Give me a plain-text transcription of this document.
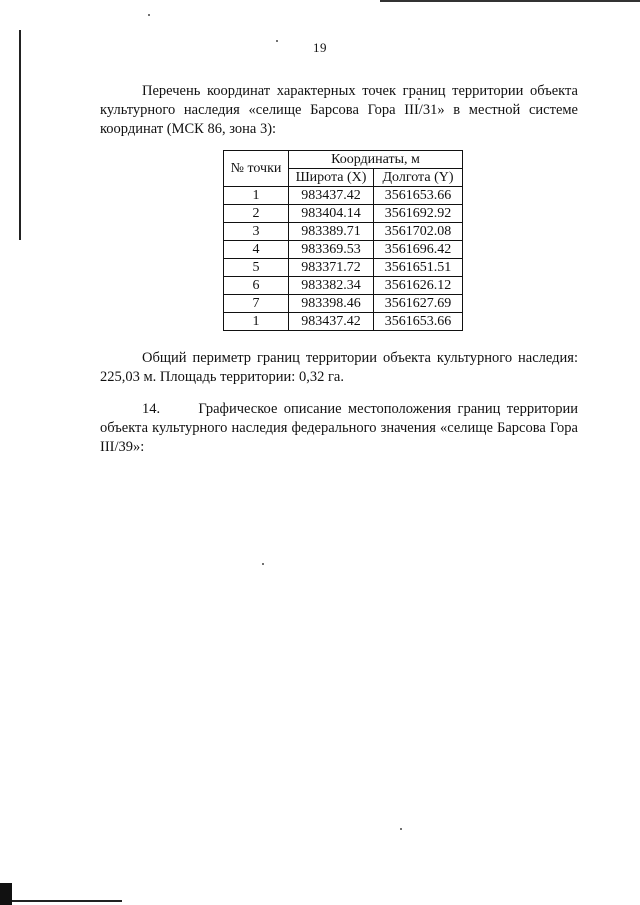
19

Перечень координат характерных точек границ территории объекта культурного наследия «селище Барсова Гора III/31» в местной системе координат (МСК 86, зона 3):

№ точки	Координаты, м	
	Широта (X)	Долгота (Y)
1	983437.42	3561653.66
2	983404.14	3561692.92
3	983389.71	3561702.08
4	983369.53	3561696.42
5	983371.72	3561651.51
6	983382.34	3561626.12
7	983398.46	3561627.69
1	983437.42	3561653.66

Общий периметр границ территории объекта культурного наследия: 225,03 м. Площадь территории: 0,32 га.

14.      Графическое описание местоположения границ территории объекта культурного наследия федерального значения «селище Барсова Гора III/39»:
